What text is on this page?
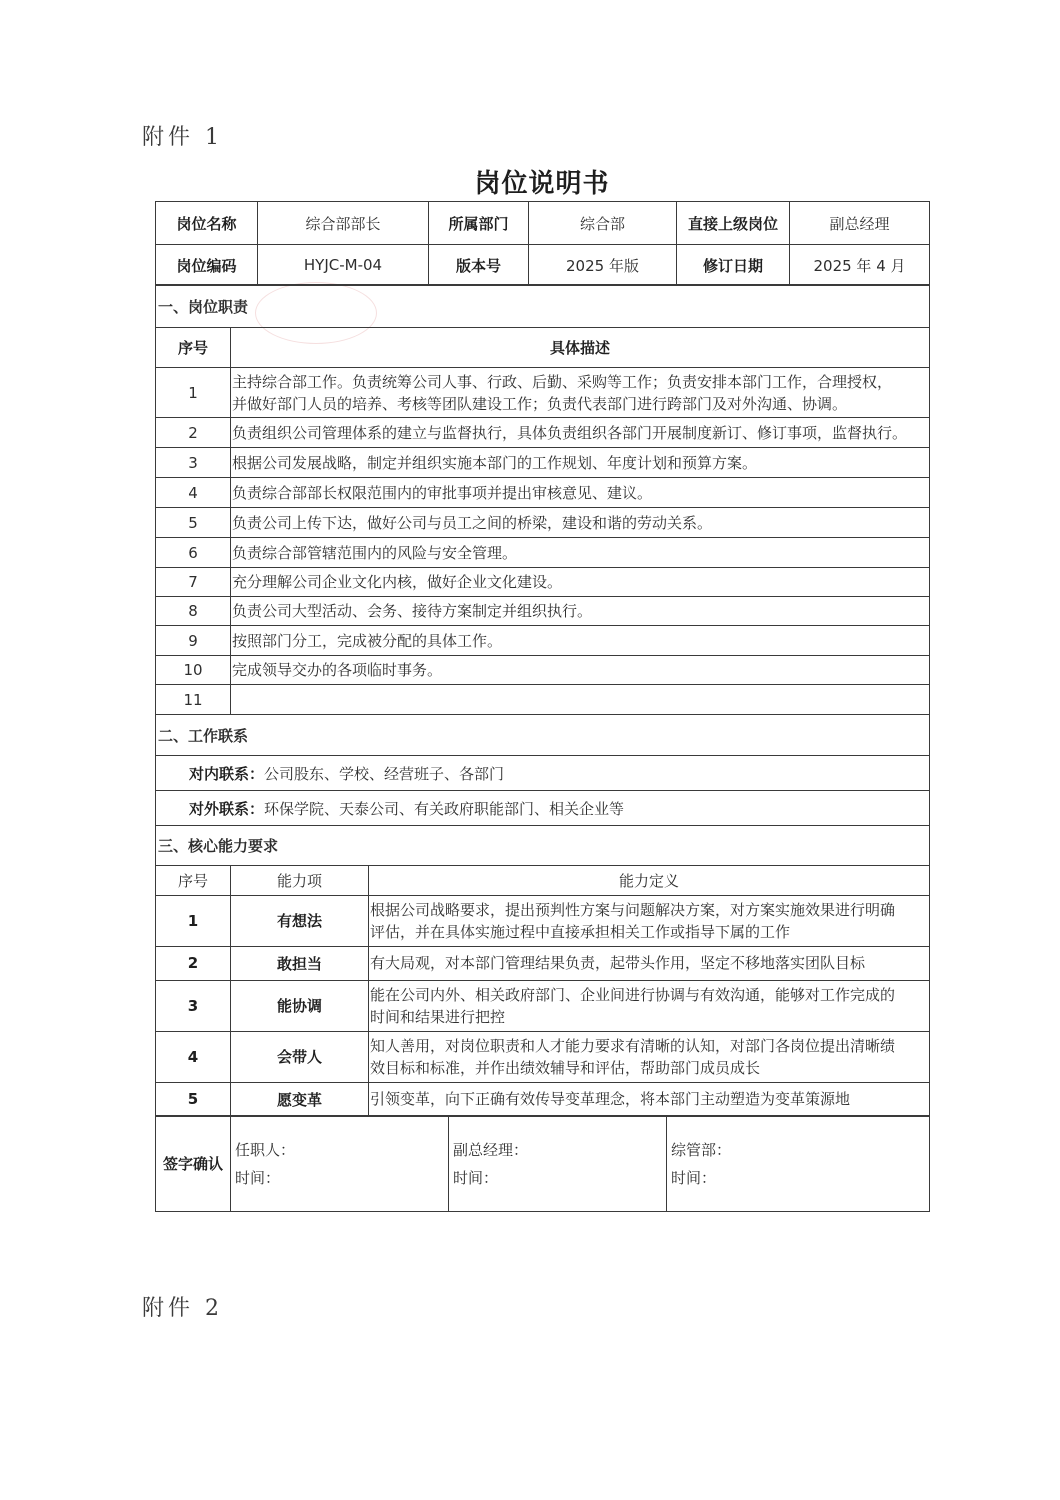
附件 1
岗位说明书
岗位名称	综合部部长	所属部门	综合部	直接上级岗位	副总经理
岗位编码	HYJC-M-04	版本号	2025 年版	修订日期	2025 年 4 月
一、岗位职责	
序号	具体描述
1	主持综合部工作。负责统筹公司人事、行政、后勤、采购等工作；负责安排本部门工作，合理授权，
并做好部门人员的培养、考核等团队建设工作；负责代表部门进行跨部门及对外沟通、协调。

2	负责组织公司管理体系的建立与监督执行，具体负责组织各部门开展制度新订、修订事项，监督执行。
3	根据公司发展战略，制定并组织实施本部门的工作规划、年度计划和预算方案。
4	负责综合部部长权限范围内的审批事项并提出审核意见、建议。
5	负责公司上传下达，做好公司与员工之间的桥梁，建设和谐的劳动关系。
6	负责综合部管辖范围内的风险与安全管理。
7	充分理解公司企业文化内核，做好企业文化建设。
8	负责公司大型活动、会务、接待方案制定并组织执行。
9	按照部门分工，完成被分配的具体工作。
10	完成领导交办的各项临时事务。
11	
二、工作联系	
对内联系：公司股东、学校、经营班子、各部门	
对外联系：环保学院、天泰公司、有关政府职能部门、相关企业等	
三、核心能力要求	
序号	能力项	能力定义
1	有想法	根据公司战略要求，提出预判性方案与问题解决方案，对方案实施效果进行明确
评估，并在具体实施过程中直接承担相关工作或指导下属的工作

2	敢担当	有大局观，对本部门管理结果负责，起带头作用，坚定不移地落实团队目标
3	能协调	能在公司内外、相关政府部门、企业间进行协调与有效沟通，能够对工作完成的
时间和结果进行把控

4	会带人	知人善用，对岗位职责和人才能力要求有清晰的认知，对部门各岗位提出清晰绩
效目标和标准，并作出绩效辅导和评估，帮助部门成员成长

5	愿变革	引领变革，向下正确有效传导变革理念，将本部门主动塑造为变革策源地
签字确认	
任职人：
时间：

副总经理：
时间：

综管部：
时间：
附件 2
